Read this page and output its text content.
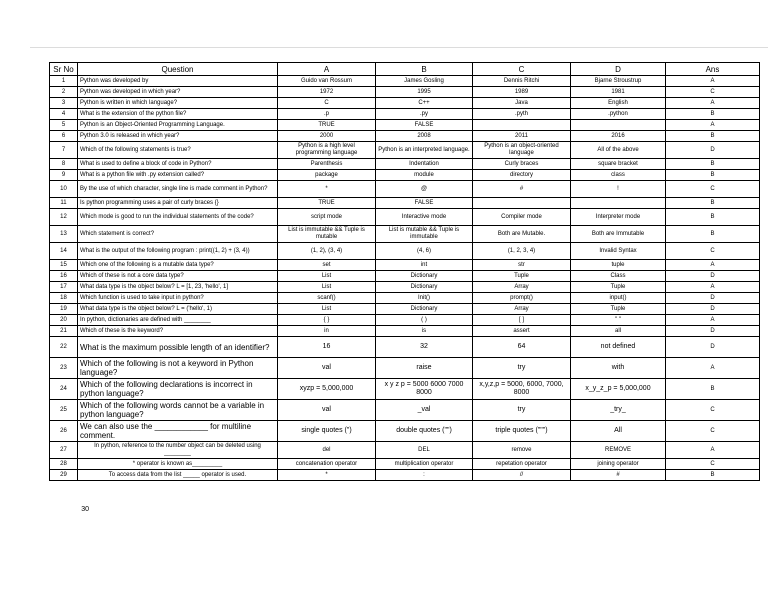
Sr No	Question	A	B	C	D	Ans
1	Python was developed by	Guido van Rossum	James Gosling	Dennis Ritchi	Bjarne Stroustrup	A
2	Python was developed in which year?	1972	1995	1989	1981	C
3	Python is written in which language?	C	C++	Java	English	A
4	What is the extension of the python file?	.p	.py	.pyth	.python	B
5	Python is an Object-Oriented Programming Language.	TRUE	FALSE			A
6	Python 3.0 is released in which year?	2000	2008	2011	2016	B
7	Which of the following statements is true?	Python is a high level programming language	Python is an interpreted language.	Python is an object-oriented language	All of the above	D
8	What is used to define a block of code in Python?	Parenthesis	Indentation	Curly braces	square bracket	B
9	What is a python file with .py extension called?	package	module	directory	class	B
10	By the use of which character, single line is made comment in Python?	*	@	#	!	C
11	Is python programming uses a pair of curly braces {}	TRUE	FALSE			B
12	Which mode is good to run the individual statements of the code?	script mode	Interactive mode	Compiler mode	Interpreter mode	B
13	Which statement is correct?	List is immutable && Tuple is mutable	List is mutable && Tuple is immutable	Both are Mutable.	Both are Immutable	B
14	What is the output of the following program : print((1, 2) + (3, 4))	(1, 2), (3, 4)	(4, 6)	(1, 2, 3, 4)	Invalid Syntax	C
15	Which one of the following is a mutable data type?	set	int	str	tuple	A
16	Which of these is not a core data type?	List	Dictionary	Tuple	Class	D
17	What data type is the object below? L = [1, 23, 'hello', 1]	List	Dictionary	Array	Tuple	A
18	Which function is used to take input in python?	scanf()	Init()	prompt()	input()	D
19	What data type is the object below? L = ('hello', 1)	List	Dictionary	Array	Tuple	D
20	In python, dictionaries are defined with ________	{ }	( )	[ ]	" "	A
21	Which of these is the keyword?	in	is	assert	all	D
22	What is the maximum possible length of an identifier?	16	32	64	not defined	D
23	Which of the following is not a keyword in Python language?	val	raise	try	with	A
24	Which of the following declarations is incorrect in python language?	xyzp = 5,000,000	x y z p = 5000 6000 7000 8000	x,y,z,p = 5000, 6000, 7000, 8000	x_y_z_p = 5,000,000	B
25	Which of the following words cannot be a variable in python language?	val	_val	try	_try_	C
26	We can also use the ____________ for multiline comment.	single quotes (")	double quotes ("")	triple quotes (""")	All	C
27	In python, reference to the number object can be deleted using ________	del	DEL	remove	REMOVE	A
28	* operator is known as_________	concatenation operator	multiplication operator	repetation operator	joining operator	C
29	To access data from the list _____ operator is used.	*	:	//	#	B
30
